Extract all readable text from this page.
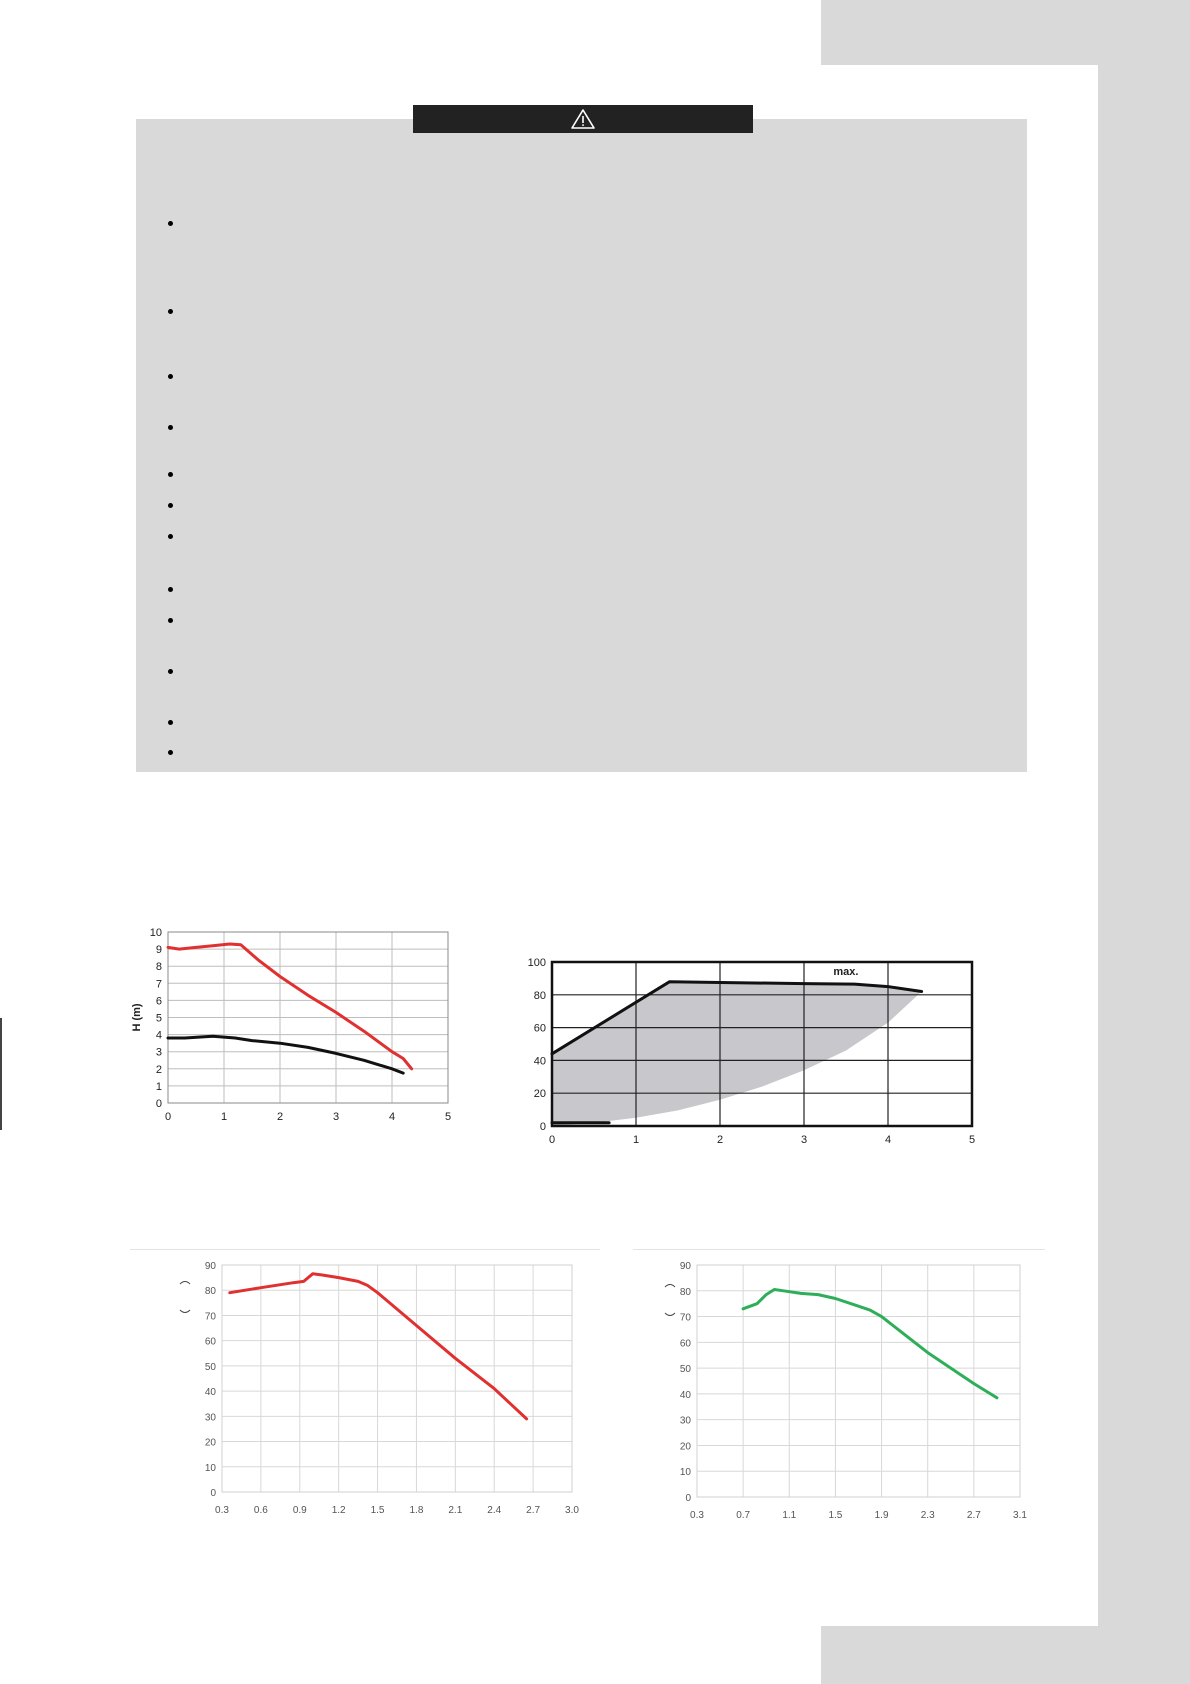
0	1	2	3	4	5
0
1
2
3
4
5
6
7
8
9
10
H (m)
0	1	2	3	4	5
0
20
40
60
80
100
max.
0.3 0.6 0.9 1.2 1.5 1.8 2.1 2.4 2.7 3.0
0
10
20
30
40
50
60
70
80
90
0.3	0.7	1.1	1.5	1.9	2.3	2.7	3.1
0
10
20
30
40
50
60
70
80
90
